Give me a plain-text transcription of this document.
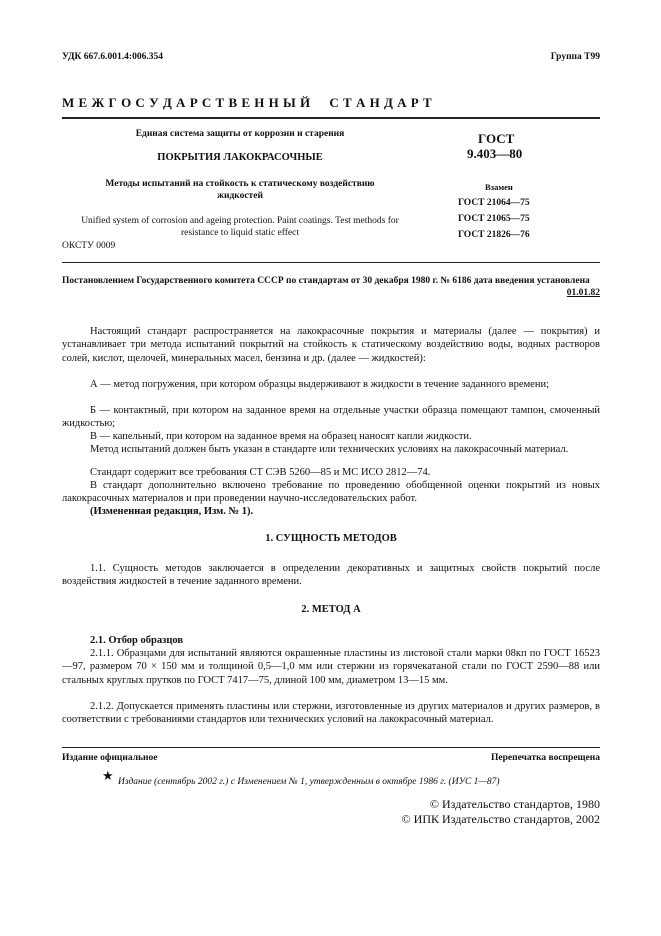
УДК 667.6.001.4:006.354	Группа Т99
М Е Ж Г О С У Д А Р С Т В Е Н Н Ы Й     С Т А Н Д А Р Т
Единая система защиты от коррозии и старения
ПОКРЫТИЯ ЛАКОКРАСОЧНЫЕ
Методы испытаний на стойкость к статическому воздействию жидкостей
Unified system of corrosion and ageing protection. Paint coatings. Test methods for resistance to liquid static effect
ОКСТУ 0009
ГОСТ
9.403—80
Взамен
ГОСТ 21064—75
ГОСТ 21065—75
ГОСТ 21826—76
Постановлением Государственного комитета СССР по стандартам от 30 декабря 1980 г. № 6186 дата введения установлена
01.01.82

Настоящий стандарт распространяется на лакокрасочные покрытия и материалы (далее — покрытия) и устанавливает три метода испытаний покрытий на стойкость к статическому воздействию воды, водных растворов солей, кислот, щелочей, минеральных масел, бензина и др. (далее — жидкостей):

А — метод погружения, при котором образцы выдерживают в жидкости в течение заданного времени;

Б — контактный, при котором на заданное время на отдельные участки образца помещают тампон, смоченный жидкостью;

В — капельный, при котором на заданное время на образец наносят капли жидкости.

Метод испытаний должен быть указан в стандарте или технических условиях на лакокрасочный материал.

Стандарт содержит все требования СТ СЭВ 5260—85 и МС ИСО 2812—74.

В стандарт дополнительно включено требование по проведению обобщенной оценки покрытий из новых лакокрасочных материалов и при проведении научно-исследовательских работ.

(Измененная редакция, Изм. № 1).

1. СУЩНОСТЬ МЕТОДОВ

1.1. Сущность методов заключается в определении декоративных и защитных свойств покрытий после воздействия жидкостей в течение заданного времени.

2. МЕТОД А

2.1. Отбор образцов

2.1.1. Образцами для испытаний являются окрашенные пластины из листовой стали марки 08кп по ГОСТ 16523—97, размером 70 × 150 мм и толщиной 0,5—1,0 мм или стержни из горячекатаной стали по ГОСТ 2590—88 или стальных круглых прутков по ГОСТ 7417—75, длиной 100 мм, диаметром 13—15 мм.

2.1.2. Допускается применять пластины или стержни, изготовленные из других материалов и других размеров, в соответствии с требованиями стандартов или технических условий на лакокрасочный материал.

Издание официальное	Перепечатка воспрещена
★ Издание (сентябрь 2002 г.) с Изменением № 1, утвержденным в октябре 1986 г. (ИУС 1—87)
© Издательство стандартов, 1980
© ИПК Издательство стандартов, 2002
